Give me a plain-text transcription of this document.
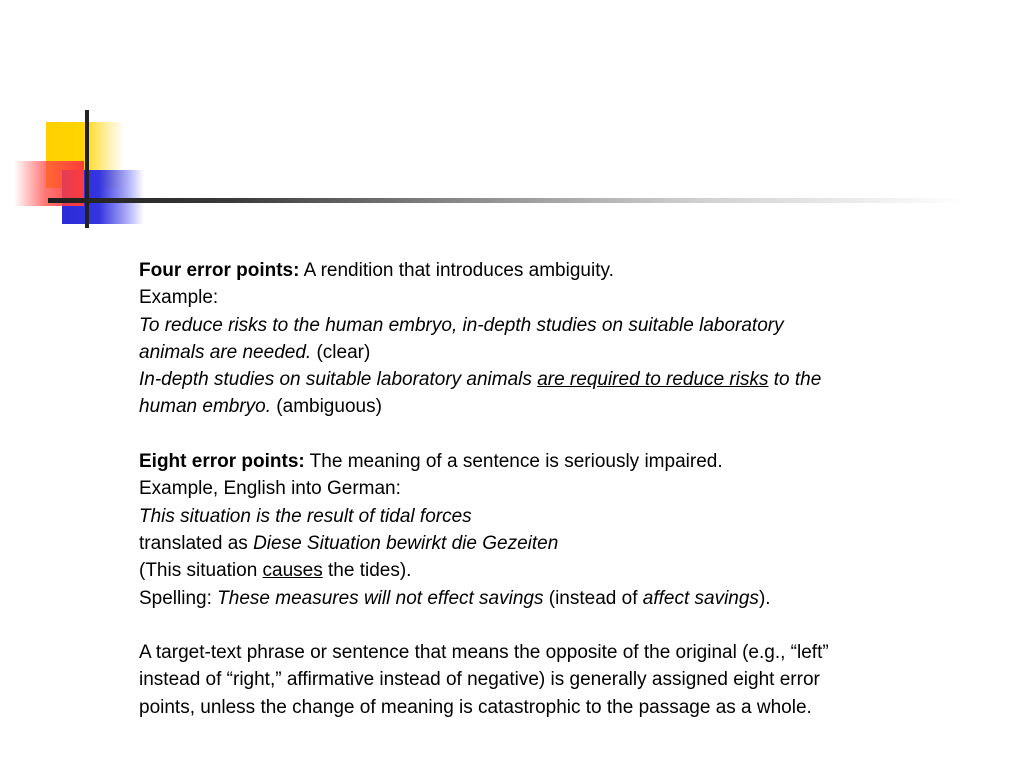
Four error points: A rendition that introduces ambiguity.

Example:

To reduce risks to the human embryo, in-depth studies on suitable laboratory

animals are needed. (clear)

In-depth studies on suitable laboratory animals are required to reduce risks to the

human embryo. (ambiguous)

Eight error points: The meaning of a sentence is seriously impaired.

Example, English into German:

This situation is the result of tidal forces

translated as Diese Situation bewirkt die Gezeiten

(This situation causes the tides).

Spelling: These measures will not effect savings (instead of affect savings).

A target-text phrase or sentence that means the opposite of the original (e.g., “left”

instead of “right,” affirmative instead of negative) is generally assigned eight error

points, unless the change of meaning is catastrophic to the passage as a whole.
